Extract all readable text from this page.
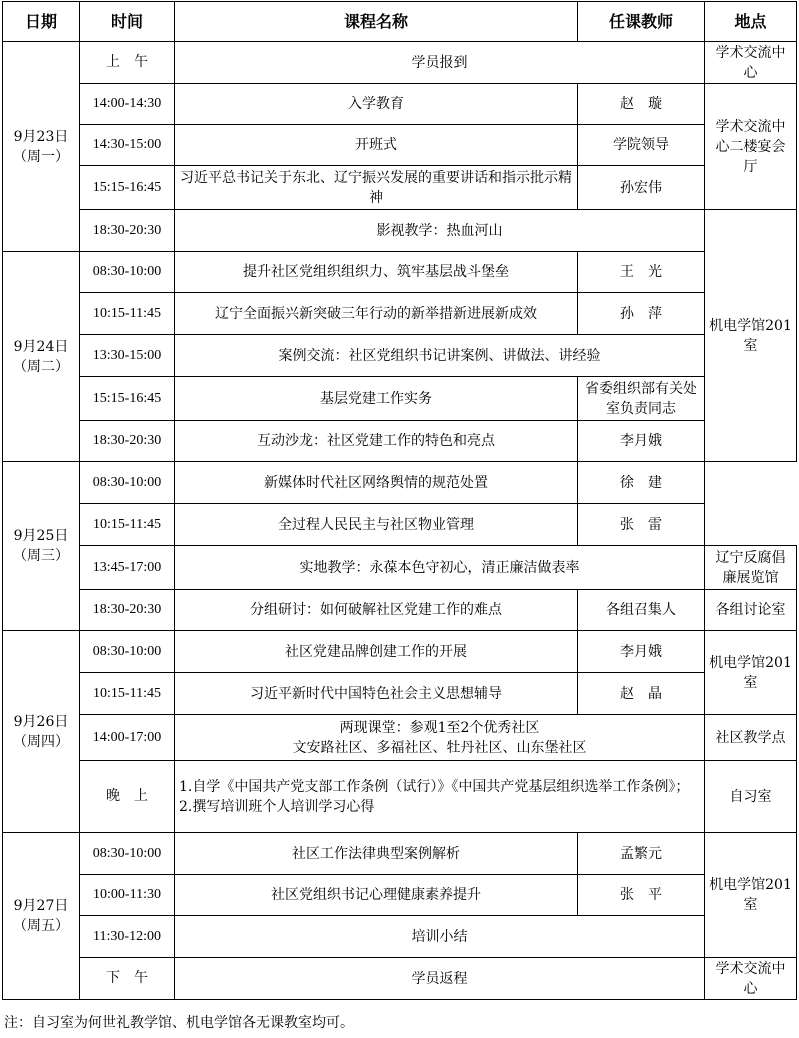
日期	时间	课程名称	任课教师	地点

9月23日
（周一）	上　午	学员报到		学术交流中心
	14:00-14:30	入学教育	赵　璇	学术交流中心二楼宴会厅
	14:30-15:00	开班式	学院领导	
	15:15-16:45	习近平总书记关于东北、辽宁振兴发展的重要讲话和指示批示精神	孙宏伟	
	18:30-20:30	影视教学：热血河山		机电学馆201室

9月24日
（周二）	08:30-10:00	提升社区党组织组织力、筑牢基层战斗堡垒	王　光	
	10:15-11:45	辽宁全面振兴新突破三年行动的新举措新进展新成效	孙　萍	
	13:30-15:00	案例交流：社区党组织书记讲案例、讲做法、讲经验		
	15:15-16:45	基层党建工作实务	省委组织部有关处室负责同志	
	18:30-20:30	互动沙龙：社区党建工作的特色和亮点	李月娥	

9月25日
（周三）	08:30-10:00	新媒体时代社区网络舆情的规范处置	徐　建	
	10:15-11:45	全过程人民民主与社区物业管理	张　雷	
	13:45-17:00	实地教学：永葆本色守初心，清正廉洁做表率		辽宁反腐倡廉展览馆
	18:30-20:30	分组研讨：如何破解社区党建工作的难点	各组召集人	各组讨论室

9月26日
（周四）	08:30-10:00	社区党建品牌创建工作的开展	李月娥	机电学馆201室
	10:15-11:45	习近平新时代中国特色社会主义思想辅导	赵　晶	
	14:00-17:00	两现课堂：参观1至2个优秀社区
文安路社区、多福社区、牡丹社区、山东堡社区		社区教学点
	晚　上	1.自学《中国共产党支部工作条例（试行）》《中国共产党基层组织选举工作条例》；
2.撰写培训班个人培训学习心得		自习室

9月27日
（周五）	08:30-10:00	社区工作法律典型案例解析	孟繁元	机电学馆201室
	10:00-11:30	社区党组织书记心理健康素养提升	张　平	
	11:30-12:00	培训小结		
	下　午	学员返程		学术交流中心
注：自习室为何世礼教学馆、机电学馆各无课教室均可。
